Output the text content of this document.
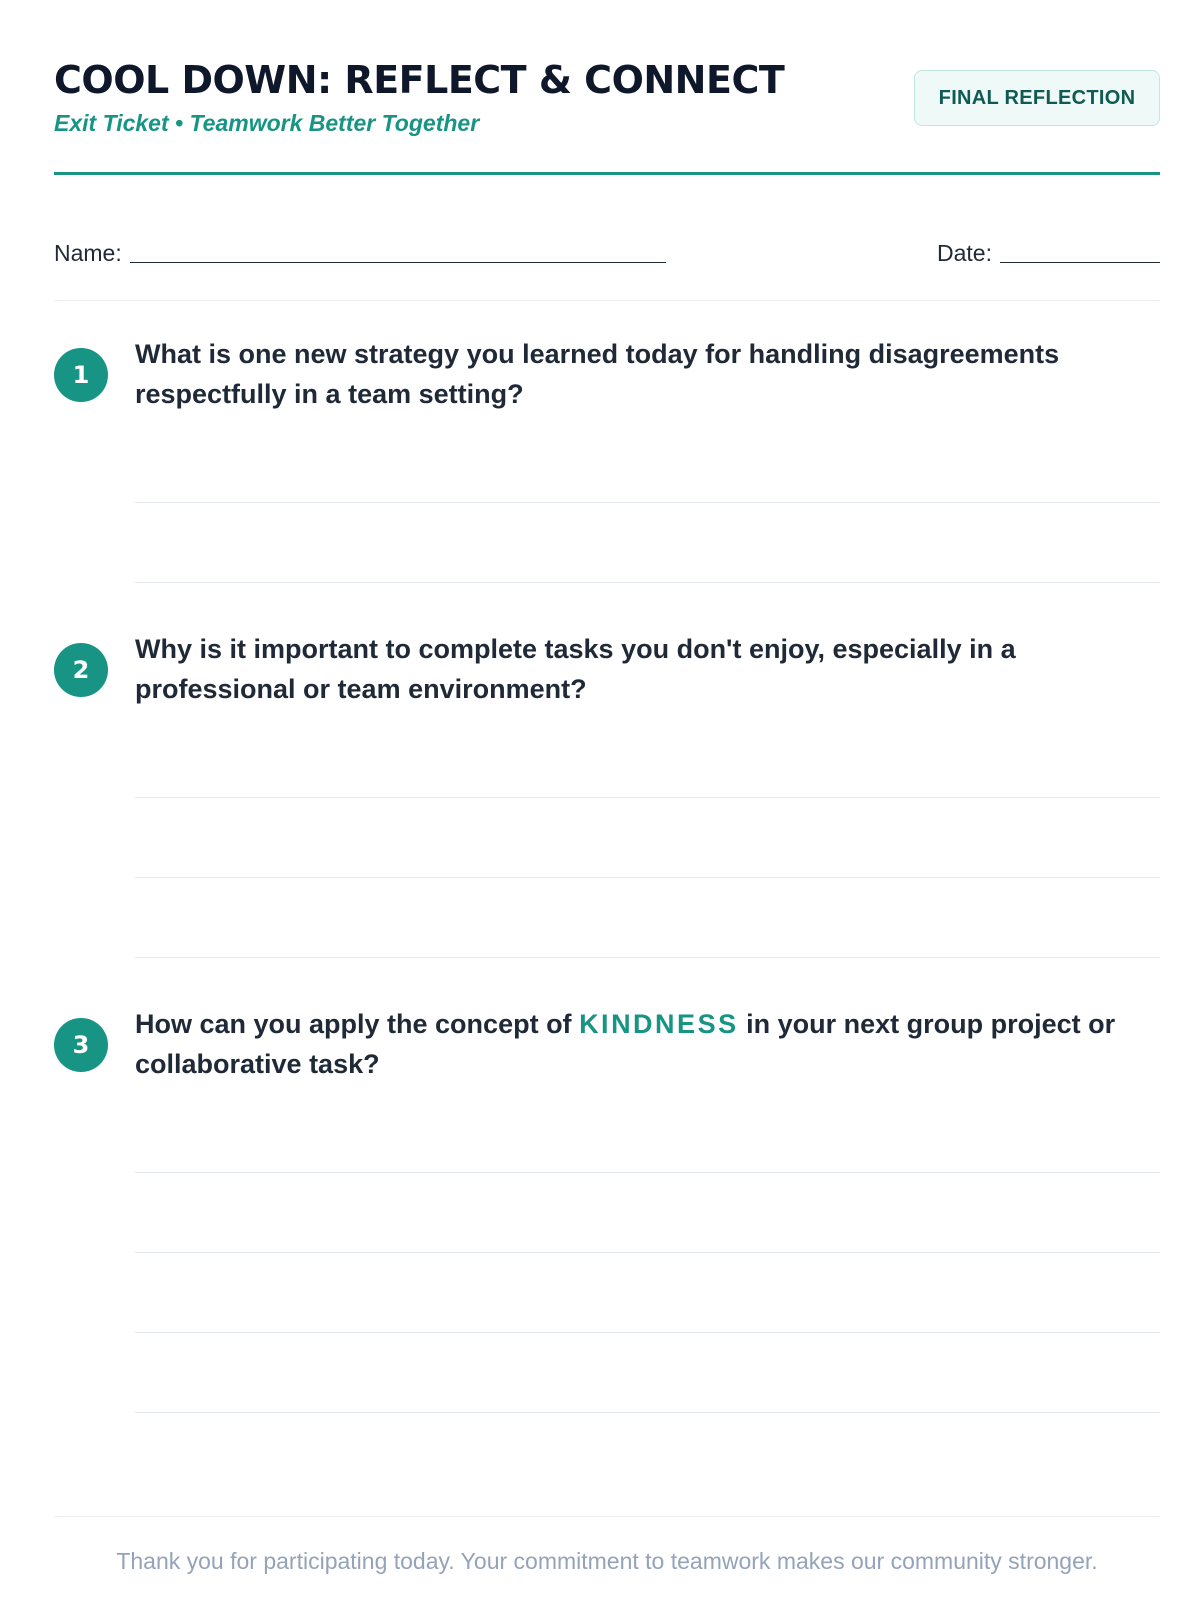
COOL DOWN: REFLECT & CONNECT
Exit Ticket • Teamwork Better Together
FINAL REFLECTION
Name:	Date:
1
What is one new strategy you learned today for handling disagreements respectfully in a team setting?
2
Why is it important to complete tasks you don't enjoy, especially in a professional or team environment?
3
How can you apply the concept of KINDNESS in your next group project or collaborative task?
Thank you for participating today. Your commitment to teamwork makes our community stronger.
